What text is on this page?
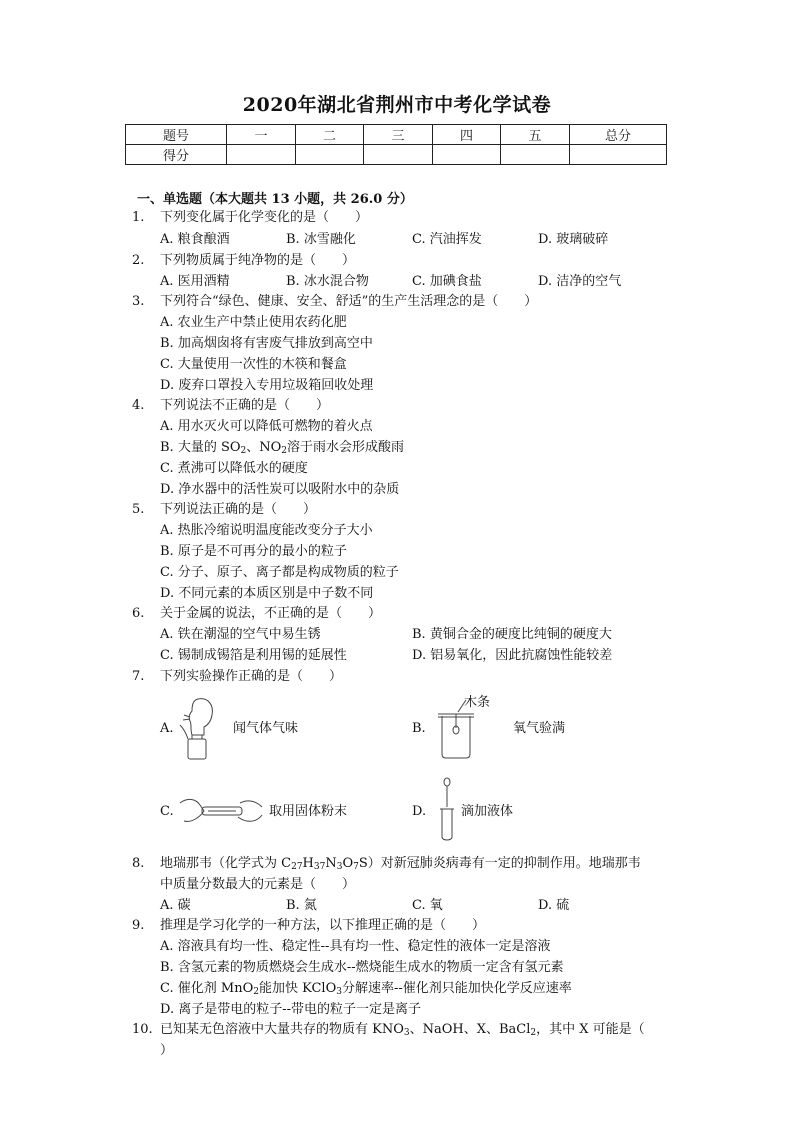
2020年湖北省荆州市中考化学试卷
题号	一	二	三	四	五	总分
得分						
一、单选题（本大题共 13 小题，共 26.0 分）
1. 下列变化属于化学变化的是（　　）
A. 粮食酿酒	B. 冰雪融化	C. 汽油挥发	D. 玻璃破碎
2. 下列物质属于纯净物的是（　　）
A. 医用酒精	B. 冰水混合物	C. 加碘食盐	D. 洁净的空气
3. 下列符合“绿色、健康、安全、舒适”的生产生活理念的是（　　）
A. 农业生产中禁止使用农药化肥
B. 加高烟囱将有害废气排放到高空中
C. 大量使用一次性的木筷和餐盒
D. 废弃口罩投入专用垃圾箱回收处理
4. 下列说法不正确的是（　　）
A. 用水灭火可以降低可燃物的着火点
B. 大量的 $SO_2$、$NO_2$溶于雨水会形成酸雨
C. 煮沸可以降低水的硬度
D. 净水器中的活性炭可以吸附水中的杂质
5. 下列说法正确的是（　　）
A. 热胀冷缩说明温度能改变分子大小
B. 原子是不可再分的最小的粒子
C. 分子、原子、离子都是构成物质的粒子
D. 不同元素的本质区别是中子数不同
6. 关于金属的说法，不正确的是（　　）
A. 铁在潮湿的空气中易生锈	B. 黄铜合金的硬度比纯铜的硬度大
C. 锡制成锡箔是利用锡的延展性	D. 铝易氧化，因此抗腐蚀性能较差
7. 下列实验操作正确的是（　　）
A.	闻气体气味	B.
木条
氧气验满
C.	取用固体粉末	D.	滴加液体
8. 地瑞那韦（化学式为 $C_{27}H_{37}N_3O_7S$）对新冠肺炎病毒有一定的抑制作用。地瑞那韦
中质量分数最大的元素是（　　）
A. 碳	B. 氮	C. 氧	D. 硫
9. 推理是学习化学的一种方法，以下推理正确的是（　　）
A. 溶液具有均一性、稳定性--具有均一性、稳定性的液体一定是溶液
B. 含氢元素的物质燃烧会生成水--燃烧能生成水的物质一定含有氢元素
C. 催化剂 MnO$_2$能加快 KClO$_3$分解速率--催化剂只能加快化学反应速率
D. 离子是带电的粒子--带电的粒子一定是离子
10. 已知某无色溶液中大量共存的物质有 $KNO_3$、NaOH、X、BaCl$_2$，其中 X 可能是（
）
